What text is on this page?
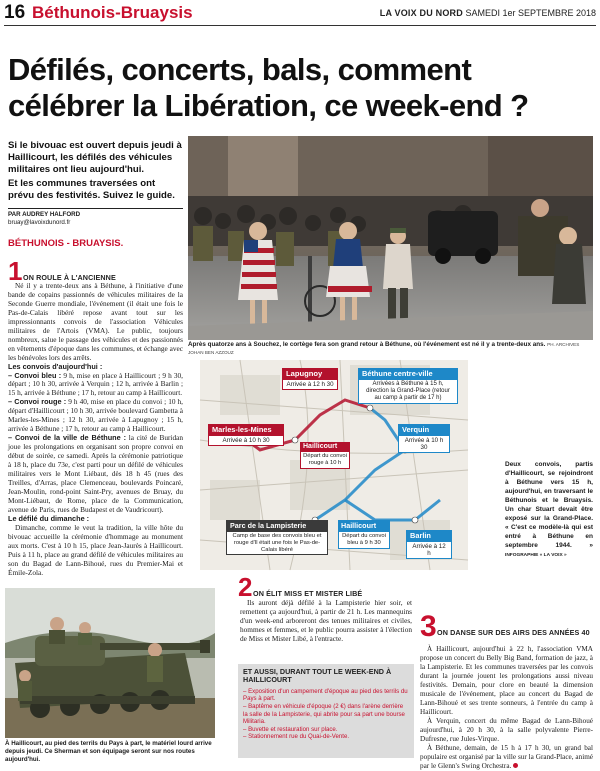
16 Béthunois-Bruaysis	LA VOIX DU NORD SAMEDI 1er SEPTEMBRE 2018
Défilés, concerts, bals, comment célébrer la Libération, ce week-end ?

Si le bivouac est ouvert depuis jeudi à Haillicourt, les défilés des véhicules militaires ont lieu aujourd'hui.

Et les communes traversées ont prévu des festivités. Suivez le guide.

PAR AUDREY HALFORD
bruay@lavoixdunord.fr
BÉTHUNOIS - BRUAYSIS.
1 ON ROULE À L'ANCIENNE

Né il y a trente-deux ans à Béthune, à l'initiative d'une bande de copains passionnés de véhicules militaires de la Seconde Guerre mondiale, l'événement (il était une fois le Pas-de-Calais libéré repose avant tout sur les impressionnants convois de l'association Véhicules militaires de l'Artois (VMA). Le public, toujours nombreux, salue le passage des véhicules et des passionnés en vêtements d'époque dans les communes, et échange avec les bénévoles lors des arrêts.

Les convois d'aujourd'hui :
– Convoi bleu : 9 h, mise en place à Haillicourt ; 9 h 30, départ ; 10 h 30, arrivée à Verquin ; 12 h, arrivée à Barlin ; 15 h, arrivée à Béthune ; 17 h, retour au camp à Haillicourt.
– Convoi rouge : 9 h 40, mise en place du convoi ; 10 h, départ d'Haillicourt ; 10 h 30, arrivée boulevard Gambetta à Marles-les-Mines ; 12 h 30, arrivée à Lapugnoy ; 15 h, arrivée à Béthune ; 17 h, retour au camp à Haillicourt.
– Convoi de la ville de Béthune : la cité de Buridan joue les prolongations en organisant son propre convoi en début de soirée, ce samedi. Après la cérémonie patriotique à 18 h, place du 73e, c'est parti pour un défilé de véhicules militaires vers le Mont Liébaut, dès 18 h 45 (rues des Treilles, d'Arras, place Clemenceau, boulevards Poincaré, Jean-Moulin, rond-point Saint-Pry, avenues de Bruay, du Mont-Liébaut, de Rome, place de la Communication, avenue de Paris, rues de Budapest et de Vaudricourt).
Le défilé du dimanche :

Dimanche, comme le veut la tradition, la ville hôte du bivouac accueille la cérémonie d'hommage au monument aux morts. C'est à 10 h 15, place Jean-Jaurès à Haillicourt. Puis à 11 h, place au grand défilé de véhicules militaires au son du Bagad de Lann-Bihoué, rues du Premier-Mai et Émile-Zola.

Après quatorze ans à Souchez, le cortège fera son grand retour à Béthune, où l'événement est né il y a trente-deux ans. PH. ARCHIVES JOHAN BEN AZZOUZ
Lapugnoy
Arrivée à 12 h 30
Béthune centre-ville
Arrivées à Béthune à 15 h, direction la Grand-Place (retour au camp à partir de 17 h)
Marles-les-Mines
Arrivée à 10 h 30
Haillicourt
Départ du convoi rouge à 10 h
Verquin
Arrivée à 10 h 30
Parc de la Lampisterie
Camp de base des convois bleu et rouge d'Il était une fois le Pas-de-Calais libéré
Haillicourt
Départ du convoi bleu à 9 h 30
Barlin
Arrivée à 12 h
Deux convois, partis d'Haillicourt, se rejoindront à Béthune vers 15 h, aujourd'hui, en traversant le Béthunois et le Bruaysis. Un char Stuart devait être exposé sur la Grand-Place. « C'est ce modèle-là qui est entré à Béthune en septembre 1944. » INFOGRAPHIE « LA VOIX »
À Haillicourt, au pied des terrils du Pays à part, le matériel lourd arrive depuis jeudi. Ce Sherman et son équipage seront sur nos routes aujourd'hui.
2 ON ÉLIT MISS ET MISTER LIBÉ

Ils auront déjà défilé à la Lampisterie hier soir, et remettent ça aujourd'hui, à partir de 21 h. Les mannequins d'un week-end arboreront des tenues militaires et civiles, hommes et femmes, et le public pourra assister à l'élection de Miss et Mister Libé, à l'entracte.

ET AUSSI, DURANT TOUT LE WEEK-END À HAILLICOURT
– Exposition d'un campement d'époque au pied des terrils du Pays à part.
– Baptême en véhicule d'époque (2 €) dans l'arène derrière la salle de la Lampisterie, qui abrite pour sa part une bourse Militaria.
– Buvette et restauration sur place.
– Stationnement rue du Quai-de-Vente.
3 ON DANSE SUR DES AIRS DES ANNÉES 40

À Haillicourt, aujourd'hui à 22 h, l'association VMA propose un concert du Belly Big Band, formation de jazz, à la Lampisterie. Et les communes traversées par les convois durant la journée jouent les prolongations aussi niveau festivités. Demain, pour clore en beauté la dimension musicale de l'événement, place au concert du Bagad de Lann-Bihoué et ses trente sonneurs, à l'entrée du camp à Haillicourt.

À Verquin, concert du même Bagad de Lann-Bihoué aujourd'hui, à 20 h 30, à la salle polyvalente Pierre-Dufresne, rue Jules-Virque.

À Béthune, demain, de 15 h à 17 h 30, un grand bal populaire est organisé par la ville sur la Grand-Place, animé par le Glenn's Swing Orchestra.
